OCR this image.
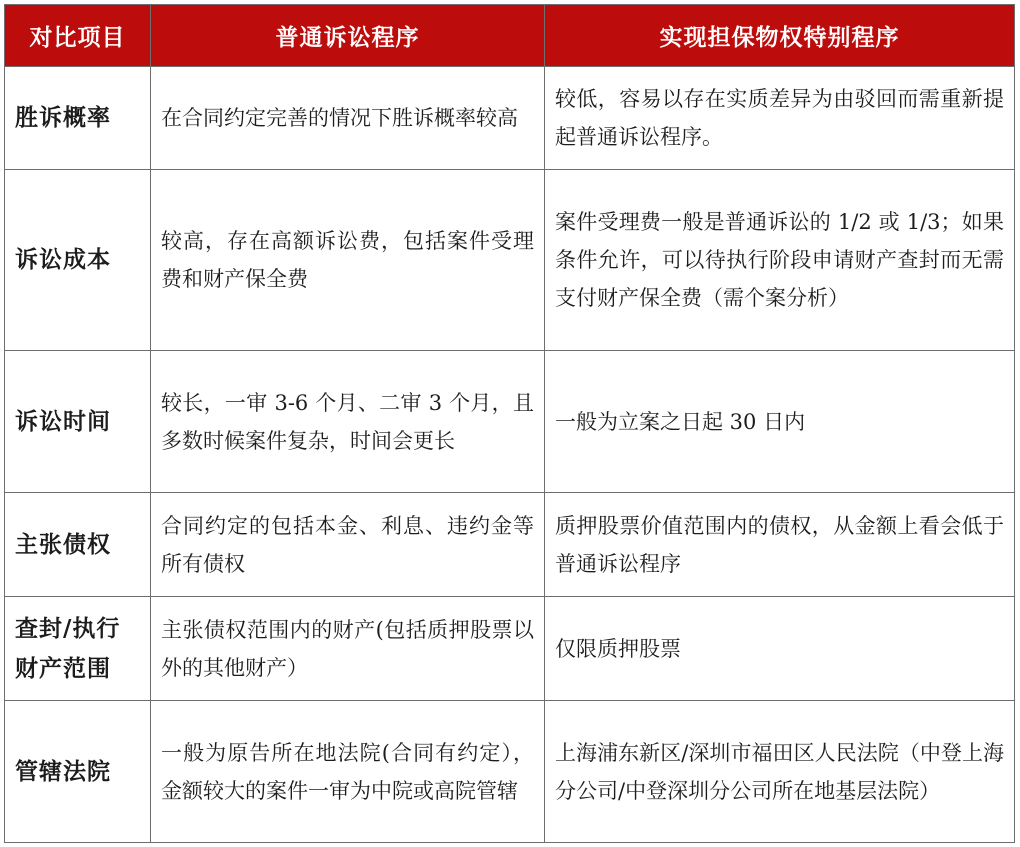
对比项目	普通诉讼程序	实现担保物权特别程序
胜诉概率	在合同约定完善的情况下胜诉概率较高	较低，容易以存在实质差异为由驳回而需重新提起普通诉讼程序。
诉讼成本	较高，存在高额诉讼费，包括案件受理费和财产保全费	案件受理费一般是普通诉讼的 1/2 或 1/3；如果条件允许，可以待执行阶段申请财产查封而无需支付财产保全费（需个案分析）
诉讼时间	较长，一审 3-6 个月、二审 3 个月，且多数时候案件复杂，时间会更长	一般为立案之日起 30 日内
主张债权	合同约定的包括本金、利息、违约金等所有债权	质押股票价值范围内的债权，从金额上看会低于普通诉讼程序
查封/执行财产范围	主张债权范围内的财产(包括质押股票以外的其他财产）	仅限质押股票
管辖法院	一般为原告所在地法院(合同有约定），金额较大的案件一审为中院或高院管辖	上海浦东新区/深圳市福田区人民法院（中登上海分公司/中登深圳分公司所在地基层法院）
